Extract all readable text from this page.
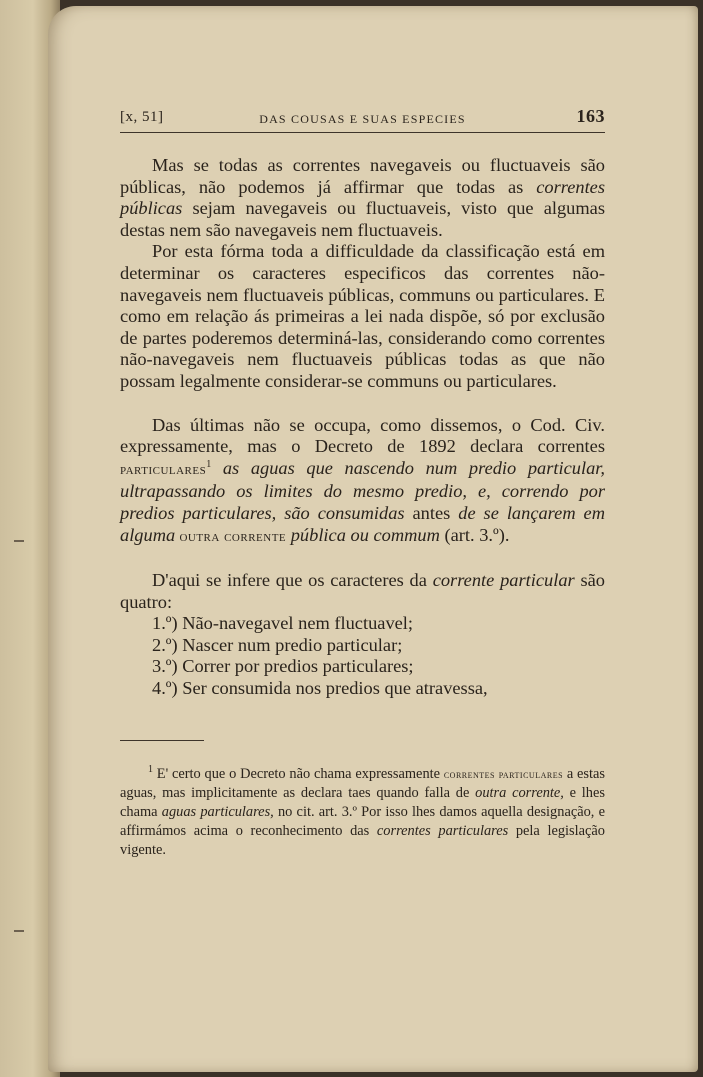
[x, 51]	DAS COUSAS E SUAS ESPECIES	163

Mas se todas as correntes navegaveis ou fluctuaveis são públicas, não podemos já affirmar que todas as correntes públicas sejam navegaveis ou fluctuaveis, visto que algumas destas nem são navegaveis nem fluctuaveis.

Por esta fórma toda a difficuldade da classificação está em determinar os caracteres especificos das correntes não-navegaveis nem fluctuaveis públicas, communs ou particulares. E como em relação ás primeiras a lei nada dispõe, só por exclusão de partes poderemos determiná-las, considerando como correntes não-navegaveis nem fluctuaveis públicas todas as que não possam legalmente considerar-se communs ou particulares.

Das últimas não se occupa, como dissemos, o Cod. Civ. expressamente, mas o Decreto de 1892 declara correntes particulares$^1$ as aguas que nascendo num predio particular, ultrapassando os limites do mesmo predio, e, correndo por predios particulares, são consumidas antes de se lançarem em alguma outra corrente pública ou commum (art. 3.º).

D'aqui se infere que os caracteres da corrente particular são quatro:

1.º) Não-navegavel nem fluctuavel;
2.º) Nascer num predio particular;
3.º) Correr por predios particulares;
4.º) Ser consumida nos predios que atravessa,

$^1$ E' certo que o Decreto não chama expressamente correntes particulares a estas aguas, mas implicitamente as declara taes quando falla de outra corrente, e lhes chama aguas particulares, no cit. art. 3.º Por isso lhes damos aquella designação, e affirmámos acima o reconhecimento das correntes particulares pela legislação vigente.
